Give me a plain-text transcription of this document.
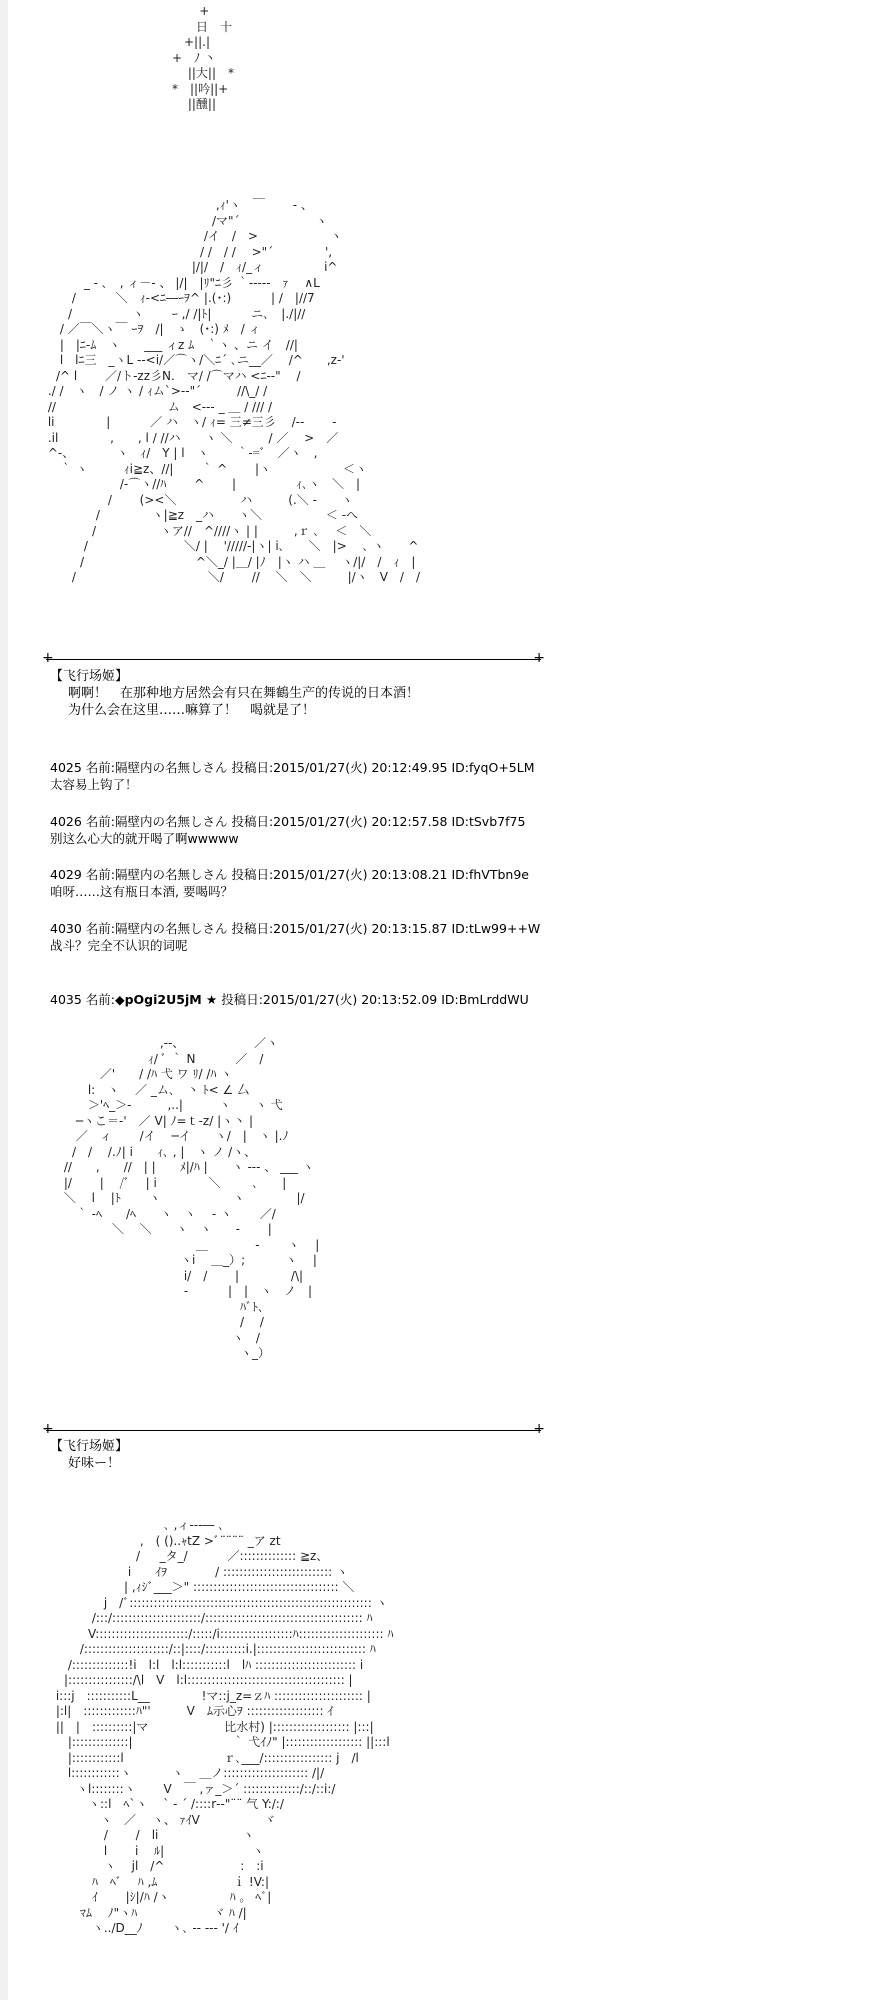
　　　　　　+
　　　　　　　日　十
　　　　　　+||.|
　　　　　+　ﾉ 丶
　　　　　　 ||大||　*
　　　　　*　||吟||+
　　　　　　 ||醺||
　　　　　　　　　　　　　 　,ｨ'ヽ　￣　　 ‐ 、
　　　　　　　　　　　　　　/マ"´　　　　　　 ヽ
　　　　　　　　　　　　　 /イ　/　>　　　　　　ヽ
　　　　　　　　　　　　　/ /　/ /　 >"´　　　　 ',
　　　　　　　　　　　　 |/|/　/　ｨ/_ィ　　　　　i^
　　　 _ - ､　, ィ－- 、 |/|　|ﾘ"ﾆ彡 ｀‐‐‐‐‐　ｧ　 ∧L
　　 /　　　 ＼　ｨ-<ﾆ―ｰｦ^ |.(･:)　　　 | /　|//7
　　/　　　　　ヽ　　 ｰ ,/ /|ﾄ|　　　 ニ､　|./|//
　 / ／￣＼ヽ￣ ｰｦ　/|　ゝ　(･:) ﾒ　/ ィ
　 |　|ﾆ-ﾑ　ヽ　　___ ィz ﾑ　｀ヽ 、ニ イ　//|
　 l　lﾆ三　_ヽL --<i/／⌒ヽ/＼ﾆ´ ､ニ__／　 /^　　,z-'
　/^ l　　 ／/ト‐zz彡N.　マ/ /⌒マハ <ﾆ-‐"　 /
./ /　ヽ　/ ノ ヽ / ｨム`>-‐"´　　　//\_/ /
//　　　　　　　　　 ム　<‐-- _ ＿ / /// /
li　　　　 |　　　 ／ ハ　ヽ/ ｨ= 三≠三彡　 /‐-　　 -
.il　　　　 ,　　, l / //ハ　　ヽ ＼　　　/ ／　 >　／
^-、　　　　ヽ　ｨ/　Y | l　ヽ　　 ｀‐=ﾞ　／ヽ　,
　 ｀ ヽ　　　ｨi≧z、//|　　 ｀ ^　　 |ヽ　　　　　　＜ヽ
　　　　　　 /‐⌒ヽ//ﾊ　　 ^　　 |　　　　　ｨ､ヽ　＼　|
　　　　　 /　　 (><＼　　　　　 ハ　　　(.＼ ‐　　ヽ
　　　　 /　　　　 ヽ|≧z　_ハ　　ヽ＼　　　　　 ＜ ‐へ
　　　　/　　　　　 ヽア//　^////ヽ | |　　　,ｒ ､　 ＜　＼
　　　 /　　　　　　　　＼/ | 　'/////-|ヽ| i､　　＼　|>　 ､ ヽ　　^
　　　/　　　　　　　　　 ^＼_/ |＿/ |ﾉ　|ヽ ハ ＿　 ヽ/|/　/　ｨ　|
　　 /　　　　　　　　　　　＼/　　 //　 ＼　＼　　　|/ヽ　V　/　/
+ +
【飞行场姬】
啊啊！　在那种地方居然会有只在舞鶴生产的传说的日本酒！
为什么会在这里……嘛算了！　喝就是了！
4025 名前:隔壁内の名無しさん 投稿日:2015/01/27(火) 20:12:49.95 ID:fyqO+5LM
太容易上钩了！
4026 名前:隔壁内の名無しさん 投稿日:2015/01/27(火) 20:12:57.58 ID:tSvb7f75
别这么心大的就开喝了啊wwwww
4029 名前:隔壁内の名無しさん 投稿日:2015/01/27(火) 20:13:08.21 ID:fhVTbn9e
咱呀……这有瓶日本酒, 要喝吗？
4030 名前:隔壁内の名無しさん 投稿日:2015/01/27(火) 20:13:15.87 ID:tLw99++W
战斗？完全不认识的词呢
4035 名前:◆pOgi2U5jM ★ 投稿日:2015/01/27(火) 20:13:52.09 ID:BmLrddWU
　　　　　　　　　 ,‐‐、　　　　　　 ／ヽ
　　　　　　　　 ｨ/ ﾞ ｀ N　　　 ／　/
　　　　 ／'　　/ /ﾊ 弋 ワ ﾘ/ /ﾊ ヽ
　　　 l:　ヽ　 ／ _ム､　丶 ﾄ< ∠ 厶
　　　 ＞'ﾍ_＞‐　　　,..|　　　ヽ　　ヽ 弋
　　 ─ヽこ＝-'　／ V| ﾉ=ｔ-z/ |ヽ丶 |
　　 ／　ィ　　 /イ　 ─イ　　ヽ/　|　ヽ |.ﾉ
　　/　/　 /.ﾉ| i　　ｨ､ , |　ヽ ノ /ヽ、
　 //　　,　　//　| |　　ﾒ|/ﾊ |　　ヽ ‐‐‐ 、 ___ ヽ
　 |/　　 |　 /ﾞ　 | i　　　　 ＼ 　　 ､　　|
　 ＼　 l 　|ﾄ　　 ヽ　　　　　　ヽ　　　　 |/
　　 ｀ ‐ﾍ　　/ﾍ　　ヽ　ヽ　 ‐ ヽ　　 ／/
　　　　　 ＼　 ＼　　ヽ　ヽ　　‐　　 |
　　　　　　　　　　　　 ＿ 　 　　 ‐　　 ヽ　 |
　　　　　　　　　　　ヽi　 ＿_）;　　　 ヽ　 |
　　　　　　　　　　　 i/　/　　 |　　　　 /\|
　　　　　　　　　　　 ‐　　　 |　|　ヽ　ノ　|
　　　　　　　　　　　　　　　　ﾊﾞﾄ､
　　　　　　　　　　　　　　　　/　 /
　　　　　　　　　　　　　　　 ヽ　/
　　　　　　　　　　　　　　　　ヽ_）
+ +
【飞行场姬】
好味ー！
　　　　　　　　　　 ､ ,ィ‐‐‐― ､
　　　　　　　　 ,　( ()..ｬtZ >ﾞ¨¨¨¨ _ア zt
　　　　　　　　/ 　 _タ_/　　　 ／:::::::::::::: ≧z、
　　　　　　　 i　　ｲｦ　　　　/ ::::::::::::::::::::::::::: ヽ
　　　　　　　| ,ｨｼﾞ___＞" :::::::::::::::::::::::::::::::::::: ＼
　　　　　 j　/ﾞ:::::::::::::::::::::::::::::::::::::::::::::::::::::::::::: ヽ
　　　　 /:::/::::::::::::::::::::::/::::::::::::::::::::::::::::::::::::::: ﾊ
　　　　V:::::::::::::::::::::::/:::::/i::::::::::::::::::ﾊ::::::::::::::::::::: ﾊ
　　　 /:::::::::::::::::::::/::|::::/::::::::::i.|::::::::::::::::::::::::::: ﾊ
　　 /::::::::::::::!i　l:l　l:l:::::::::::l　lﾊ ::::::::::::::::::::::::: i
　　|::::::::::::::::/\l　V　l:l::::::::::::::::::::::::::::::::::::::: |
　 i:::j　:::::::::::L__　　　　 !マ::j_z=ｚﾊ :::::::::::::::::::::: |
　 |:l|　:::::::::::::ﾊ"'　　　V　ﾑ示心ｦ ::::::::::::::::::: ｲ
　 ||　|　::::::::::|マ　　　　　　 比水村) |::::::::::::::::::: |:::|
　　 |::::::::::::::|　　　　　　　　 ｀ 弋ｲﾉ" |::::::::::::::::::: ||:::l
　　 |::::::::::::l　　　　　　　 　ｒ､___/::::::::::::::::: j　/l
　　 l::::::::::::ヽ　　　 ヽ　 ＿ノ::::::::::::::::::::: /|/
　　　ヽl::::::::ヽ　　 V　￣ ,ァ_＞´ ::::::::::::::/::/::i:/
　　　　ヽ::l　ﾍ`ヽ　 ` ‐ ´ /::::r‐‐"¨¨ 气 Y:/:/
　　　　　ヽ　／　 ヽ、 ｧｲV　　　　　 ヾ
　　　　　 /　　 /　li　　　　　　　ヽ
　　　　　 l　　 i　 ﾙ|　　　　　　　 ヽ
　　　　　 ヽ　 jl　/^　　　　　　 :　:i
　　　　 ﾊ　ﾍﾞ　 ﾊ ,ﾑ　　　　　　 ｉ !V:|
　　　　 ｲ　　 |ｼ|/ﾊ /ヽ　　　　　ﾊ 。 ﾍﾞ|
　　　 ﾏﾑ　 ﾉ"ヽﾊ　　　　　　 ヾ ﾊ /|
　　　　 ヽ../D__ﾉ　　 ヽ､ ‐‐ ‐‐‐ '/ ｲ
